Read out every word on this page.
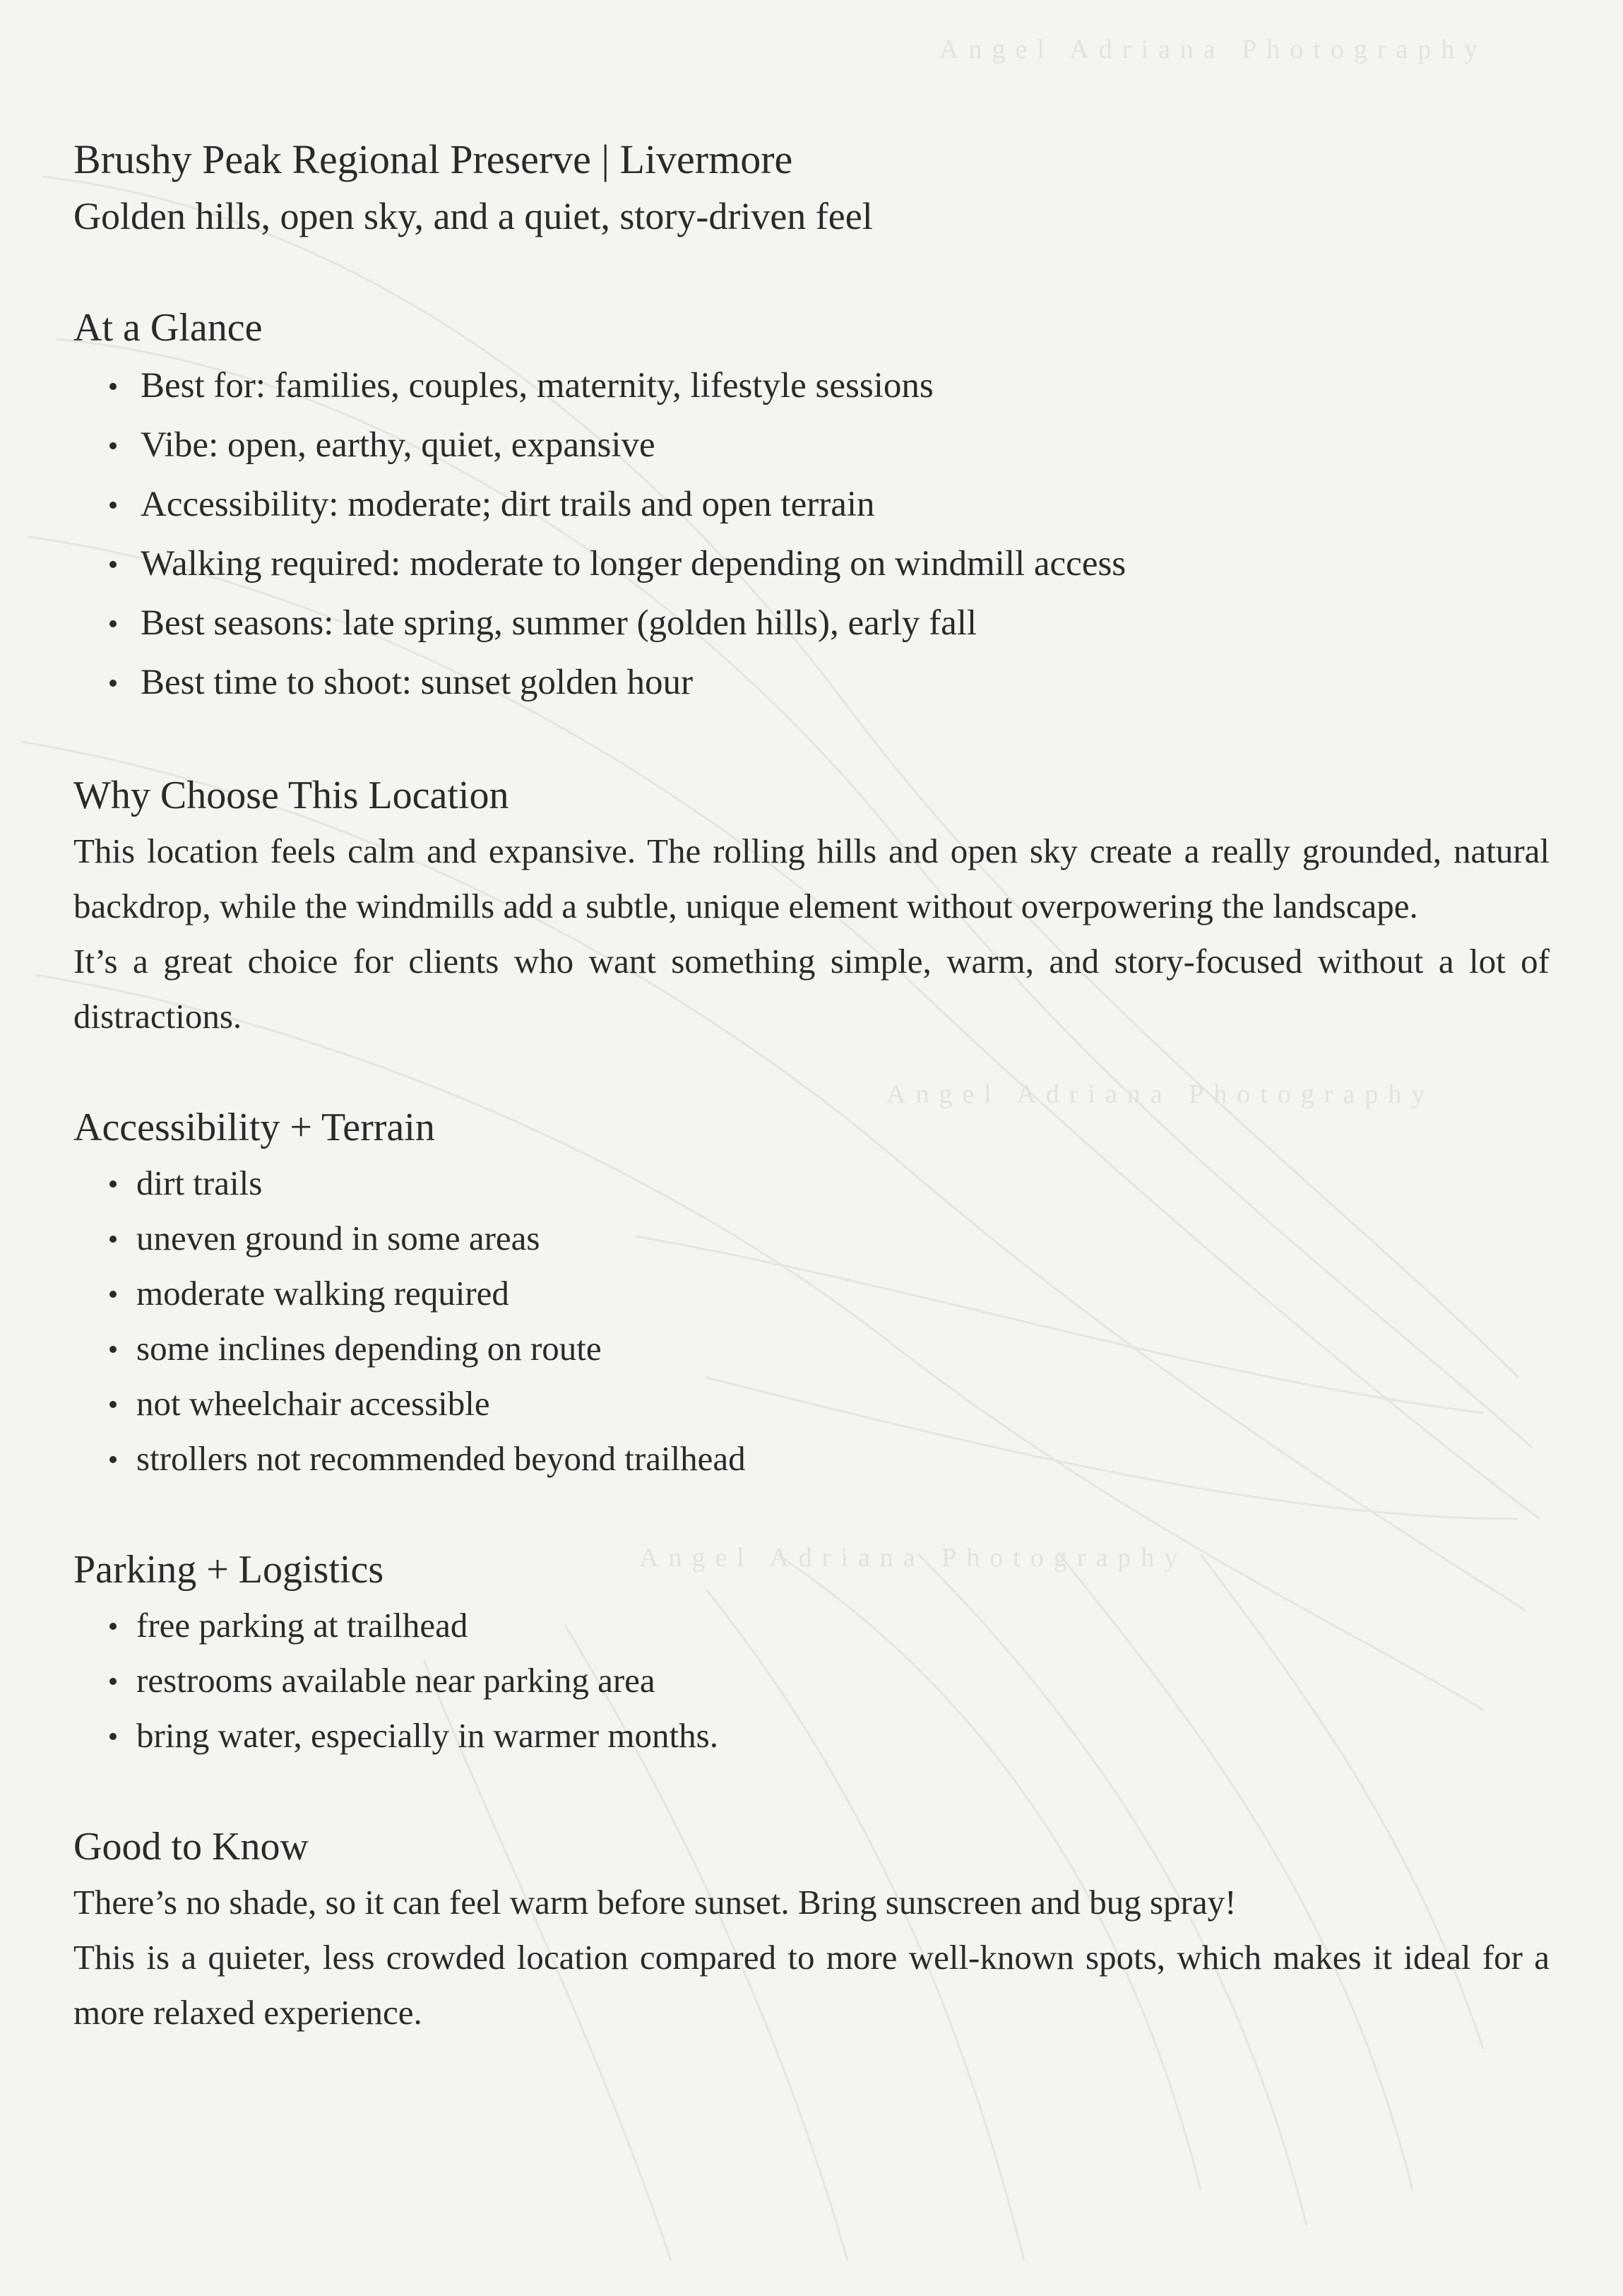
Angel Adriana Photography
Angel Adriana Photography
Angel Adriana Photography
Brushy Peak Regional Preserve | Livermore
Golden hills, open sky, and a quiet, story-driven feel
At a Glance
Best for: families, couples, maternity, lifestyle sessions
Vibe: open, earthy, quiet, expansive
Accessibility: moderate; dirt trails and open terrain
Walking required: moderate to longer depending on windmill access
Best seasons: late spring, summer (golden hills), early fall
Best time to shoot: sunset golden hour
Why Choose This Location

This location feels calm and expansive. The rolling hills and open sky create a really grounded, natural backdrop, while the windmills add a subtle, unique element without overpowering the landscape.

It’s a great choice for clients who want something simple, warm, and story-focused without a lot of distractions.

Accessibility + Terrain
dirt trails
uneven ground in some areas
moderate walking required
some inclines depending on route
not wheelchair accessible
strollers not recommended beyond trailhead
Parking + Logistics
free parking at trailhead
restrooms available near parking area
bring water, especially in warmer months.
Good to Know

There’s no shade, so it can feel warm before sunset. Bring sunscreen and bug spray!

This is a quieter, less crowded location compared to more well-known spots, which makes it ideal for a more relaxed experience.
